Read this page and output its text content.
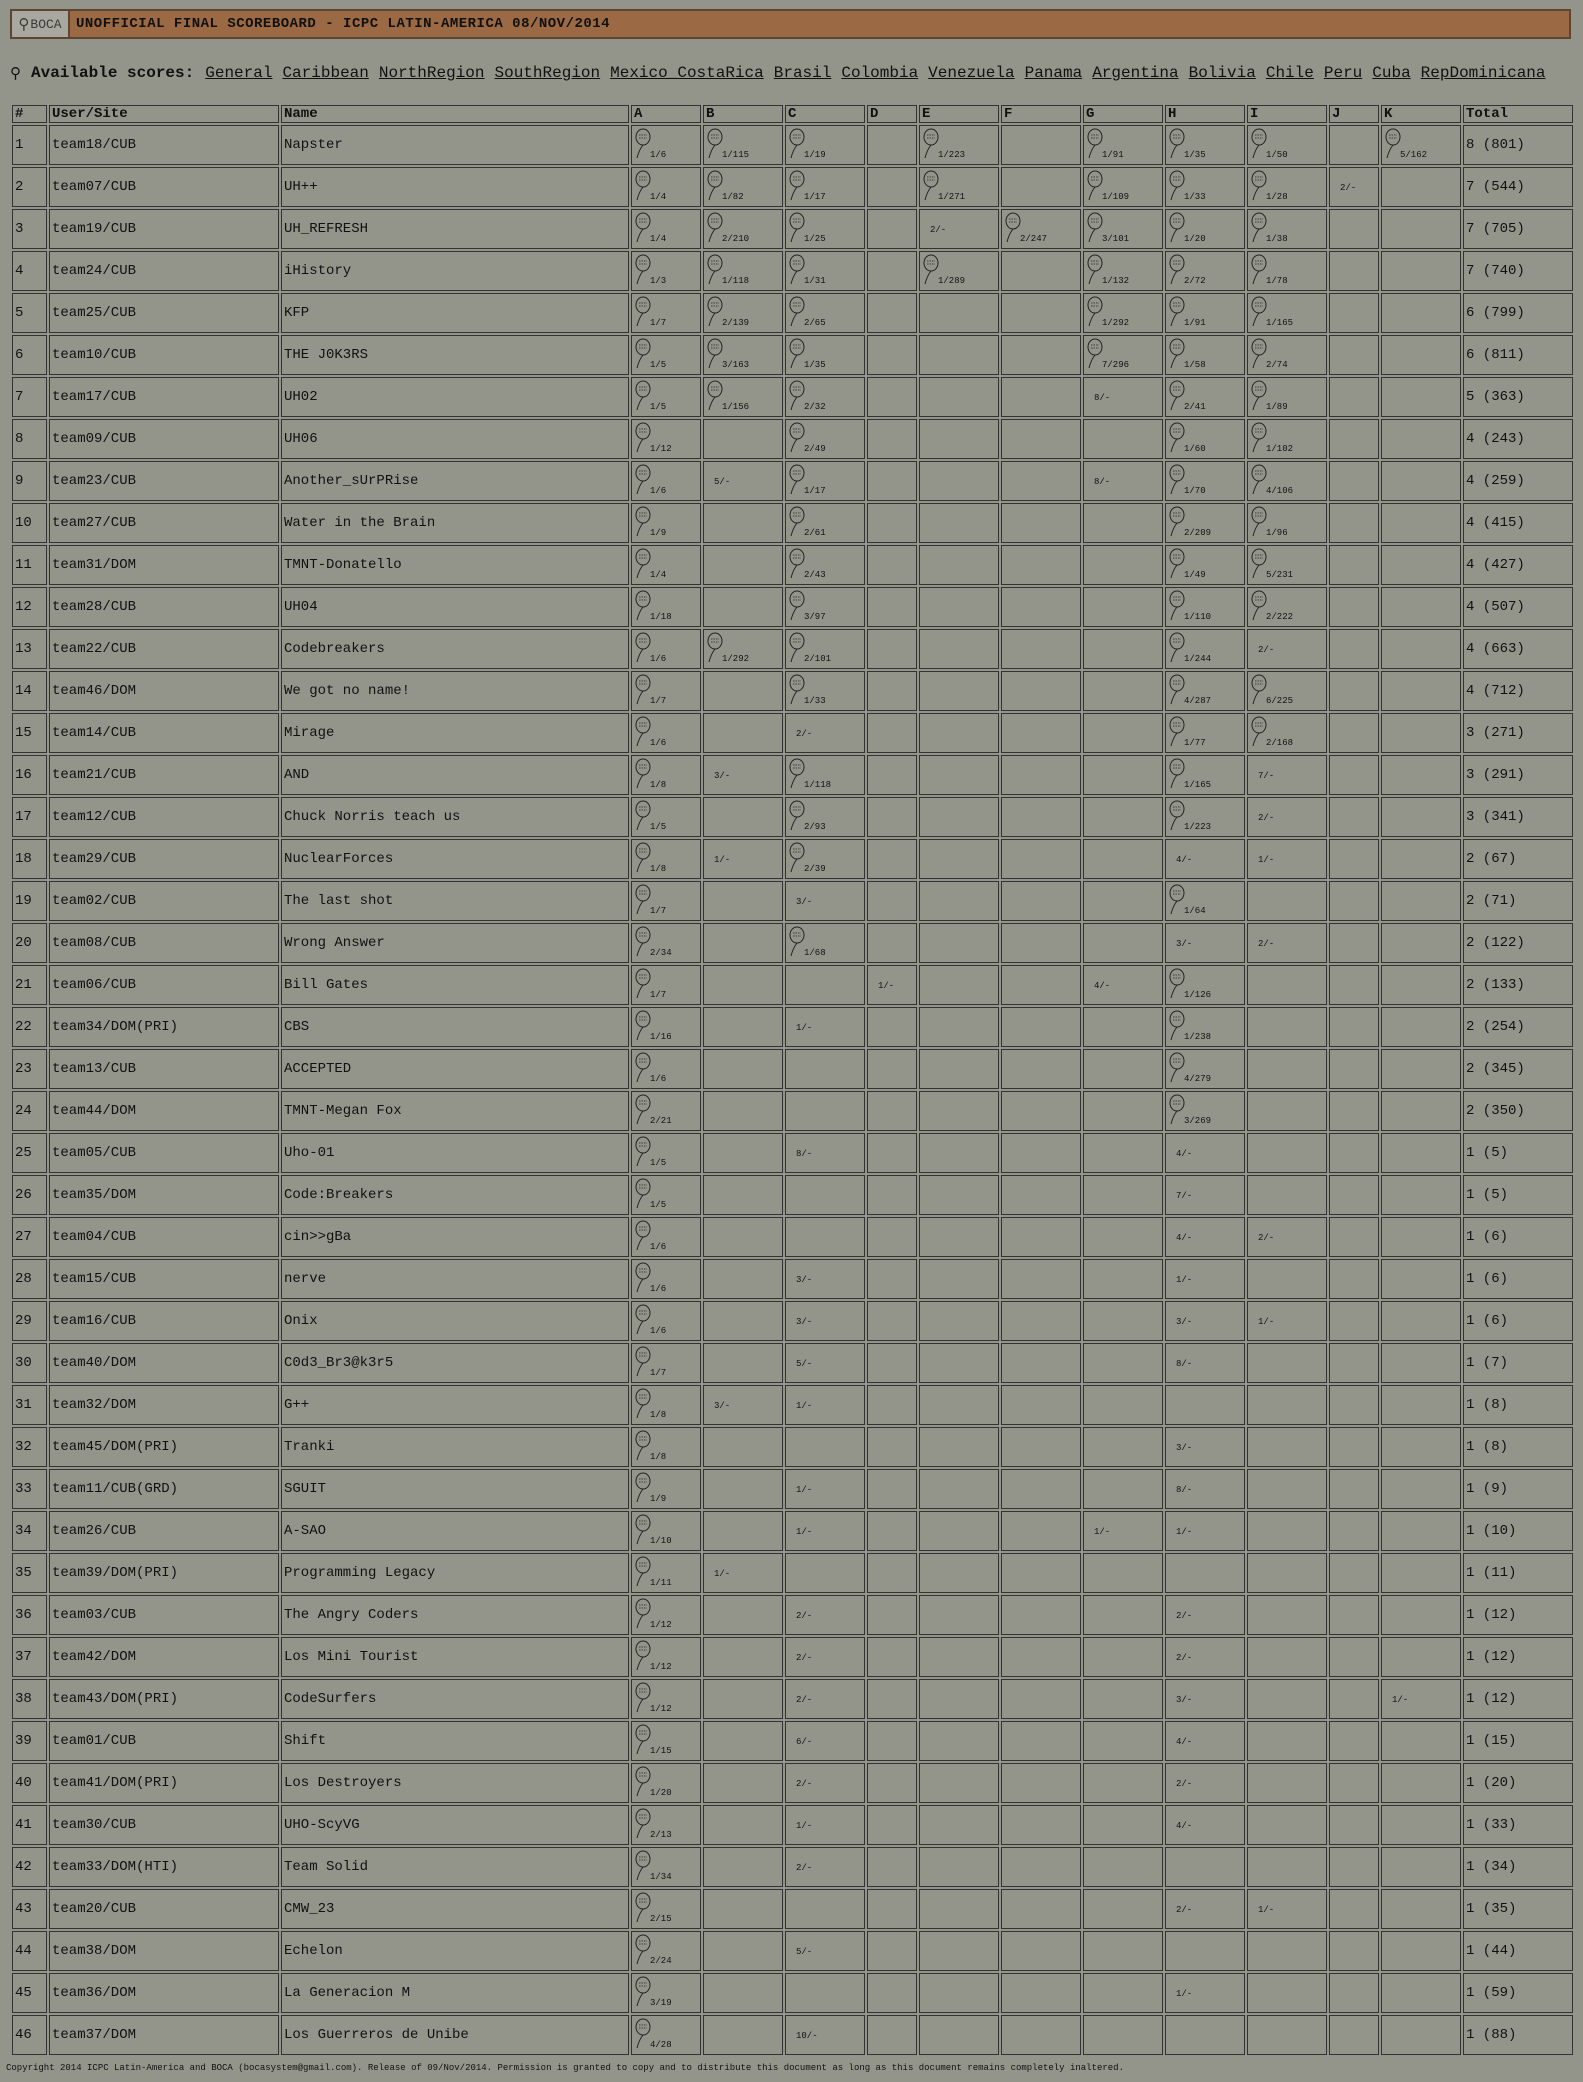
⚲ BOCA	UNOFFICIAL FINAL SCOREBOARD - ICPC LATIN-AMERICA 08/NOV/2014
⚲ Available scores: General Caribbean NorthRegion SouthRegion Mexico_CostaRica Brasil Colombia Venezuela Panama Argentina Bolivia Chile Peru Cuba RepDominicana
#	User/Site	Name	A	B	C	D	E	F	G	H	I	J	K	Total
1	team18/CUB	Napster	1/6	1/115	1/19		1/223		1/91	1/35	1/50		5/162	8 (801)
2	team07/CUB	UH++	1/4	1/82	1/17		1/271		1/109	1/33	1/28	2/-		7 (544)
3	team19/CUB	UH_REFRESH	1/4	2/210	1/25		2/-	2/247	3/101	1/20	1/38			7 (705)
4	team24/CUB	iHistory	1/3	1/118	1/31		1/289		1/132	2/72	1/78			7 (740)
5	team25/CUB	KFP	1/7	2/139	2/65				1/292	1/91	1/165			6 (799)
6	team10/CUB	THE J0K3RS	1/5	3/163	1/35				7/296	1/58	2/74			6 (811)
7	team17/CUB	UH02	1/5	1/156	2/32				8/-	2/41	1/89			5 (363)
8	team09/CUB	UH06	1/12		2/49					1/60	1/102			4 (243)
9	team23/CUB	Another_sUrPRise	1/6	5/-	1/17				8/-	1/70	4/106			4 (259)
10	team27/CUB	Water in the Brain	1/9		2/61					2/209	1/96			4 (415)
11	team31/DOM	TMNT-Donatello	1/4		2/43					1/49	5/231			4 (427)
12	team28/CUB	UH04	1/18		3/97					1/110	2/222			4 (507)
13	team22/CUB	Codebreakers	1/6	1/292	2/101					1/244	2/-			4 (663)
14	team46/DOM	We got no name!	1/7		1/33					4/287	6/225			4 (712)
15	team14/CUB	Mirage	1/6		2/-					1/77	2/168			3 (271)
16	team21/CUB	AND	1/8	3/-	1/118					1/165	7/-			3 (291)
17	team12/CUB	Chuck Norris teach us	1/5		2/93					1/223	2/-			3 (341)
18	team29/CUB	NuclearForces	1/8	1/-	2/39					4/-	1/-			2 (67)
19	team02/CUB	The last shot	1/7		3/-					1/64				2 (71)
20	team08/CUB	Wrong Answer	2/34		1/68					3/-	2/-			2 (122)
21	team06/CUB	Bill Gates	1/7			1/-			4/-	1/126				2 (133)
22	team34/DOM(PRI)	CBS	1/16		1/-					1/238				2 (254)
23	team13/CUB	ACCEPTED	1/6							4/279				2 (345)
24	team44/DOM	TMNT-Megan Fox	2/21							3/269				2 (350)
25	team05/CUB	Uho-01	1/5		8/-					4/-				1 (5)
26	team35/DOM	Code:Breakers	1/5							7/-				1 (5)
27	team04/CUB	cin>>gBa	1/6							4/-	2/-			1 (6)
28	team15/CUB	nerve	1/6		3/-					1/-				1 (6)
29	team16/CUB	Onix	1/6		3/-					3/-	1/-			1 (6)
30	team40/DOM	C0d3_Br3@k3r5	1/7		5/-					8/-				1 (7)
31	team32/DOM	G++	1/8	3/-	1/-									1 (8)
32	team45/DOM(PRI)	Tranki	1/8							3/-				1 (8)
33	team11/CUB(GRD)	SGUIT	1/9		1/-					8/-				1 (9)
34	team26/CUB	A-SAO	1/10		1/-				1/-	1/-				1 (10)
35	team39/DOM(PRI)	Programming Legacy	1/11	1/-										1 (11)
36	team03/CUB	The Angry Coders	1/12		2/-					2/-				1 (12)
37	team42/DOM	Los Mini Tourist	1/12		2/-					2/-				1 (12)
38	team43/DOM(PRI)	CodeSurfers	1/12		2/-					3/-			1/-	1 (12)
39	team01/CUB	Shift	1/15		6/-					4/-				1 (15)
40	team41/DOM(PRI)	Los Destroyers	1/20		2/-					2/-				1 (20)
41	team30/CUB	UHO-ScyVG	2/13		1/-					4/-				1 (33)
42	team33/DOM(HTI)	Team Solid	1/34		2/-									1 (34)
43	team20/CUB	CMW_23	2/15							2/-	1/-			1 (35)
44	team38/DOM	Echelon	2/24		5/-									1 (44)
45	team36/DOM	La Generacion M	3/19							1/-				1 (59)
46	team37/DOM	Los Guerreros de Unibe	4/28		10/-									1 (88)
Copyright 2014 ICPC Latin-America and BOCA (bocasystem@gmail.com). Release of 09/Nov/2014. Permission is granted to copy and to distribute this document as long as this document remains completely inaltered.
